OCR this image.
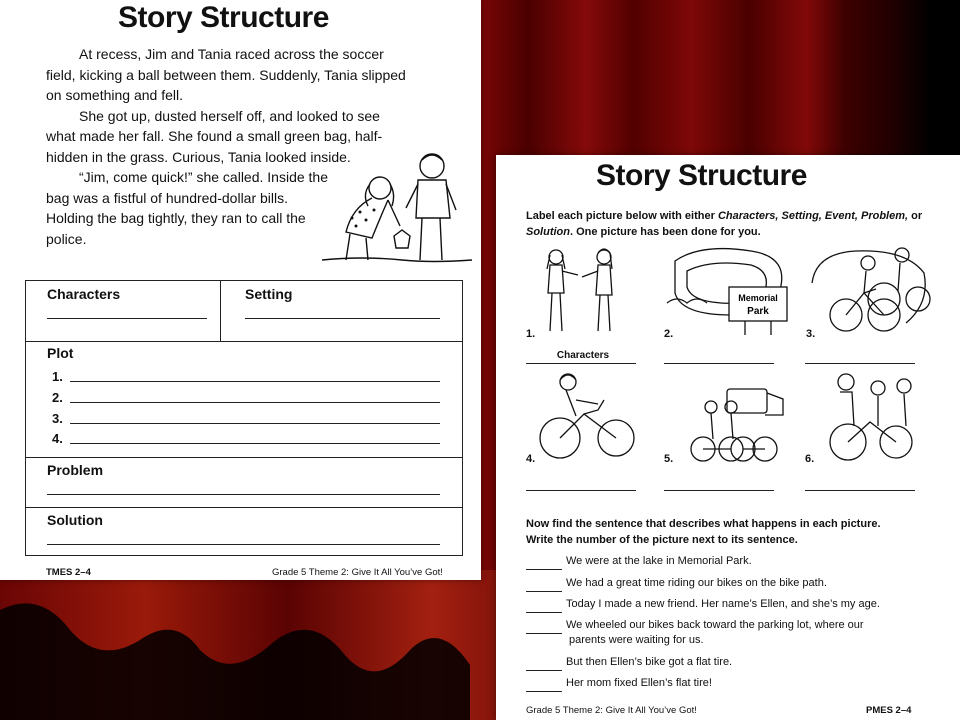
Story Structure

At recess, Jim and Tania raced across the soccer field, kicking a ball between them. Suddenly, Tania slipped on something and fell.

She got up, dusted herself off, and looked to see what made her fall. She found a small green bag, half-hidden in the grass. Curious, Tania looked inside.

“Jim, come quick!” she called. Inside the bag was a fistful of hundred-dollar bills. Holding the bag tightly, they ran to call the police.

Characters	Setting
Plot
1.
2.
3.
4.
Problem
Solution
TMES 2–4	Grade 5 Theme 2: Give It All You’ve Got!
Story Structure
Label each picture below with either Characters, Setting, Event, Problem, or Solution. One picture has been done for you.
1.
Memorial
Park
2.	3.
Characters
4.	5.	6.
Now find the sentence that describes what happens in each picture.
Write the number of the picture next to its sentence.
We were at the lake in Memorial Park.
We had a great time riding our bikes on the bike path.
Today I made a new friend. Her name’s Ellen, and she’s my age.
We wheeled our bikes back toward the parking lot, where our
parents were waiting for us.
But then Ellen’s bike got a flat tire.
Her mom fixed Ellen’s flat tire!
Grade 5 Theme 2: Give It All You’ve Got!	PMES 2–4
